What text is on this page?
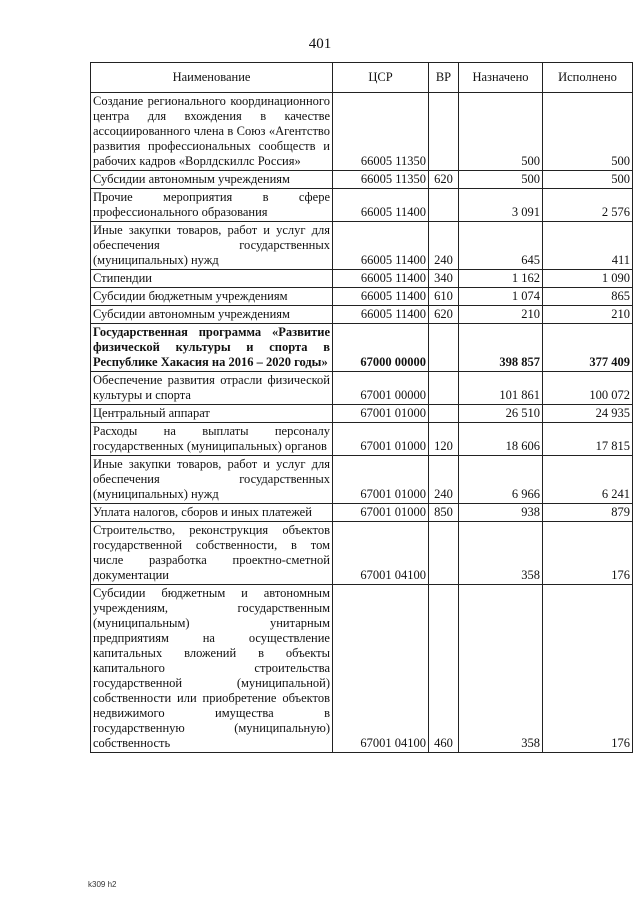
401
Наименование	ЦСР	ВР	Назначено	Исполнено
Создание регионального координационного центра для вхождения в качестве ассоциированного члена в Союз «Агентство развития профессиональных сообществ и рабочих кадров «Ворлдскиллс Россия»	66005 11350		500	500
Субсидии автономным учреждениям	66005 11350	620	500	500
Прочие мероприятия в сфере профессионального образования	66005 11400		3 091	2 576
Иные закупки товаров, работ и услуг для обеспечения государственных (муниципальных) нужд	66005 11400	240	645	411
Стипендии	66005 11400	340	1 162	1 090
Субсидии бюджетным учреждениям	66005 11400	610	1 074	865
Субсидии автономным учреждениям	66005 11400	620	210	210
Государственная программа «Развитие физической культуры и спорта в Республике Хакасия на 2016 – 2020 годы»	67000 00000		398 857	377 409
Обеспечение развития отрасли физической культуры и спорта	67001 00000		101 861	100 072
Центральный аппарат	67001 01000		26 510	24 935
Расходы на выплаты персоналу государственных (муниципальных) органов	67001 01000	120	18 606	17 815
Иные закупки товаров, работ и услуг для обеспечения государственных (муниципальных) нужд	67001 01000	240	6 966	6 241
Уплата налогов, сборов и иных платежей	67001 01000	850	938	879
Строительство, реконструкция объектов государственной собственности, в том числе разработка проектно-сметной документации	67001 04100		358	176
Субсидии бюджетным и автономным учреждениям, государственным (муниципальным) унитарным предприятиям на осуществление капитальных вложений в объекты капитального строительства государственной (муниципальной) собственности или приобретение объектов недвижимого имущества в государственную (муниципальную) собственность	67001 04100	460	358	176
k309 h2
